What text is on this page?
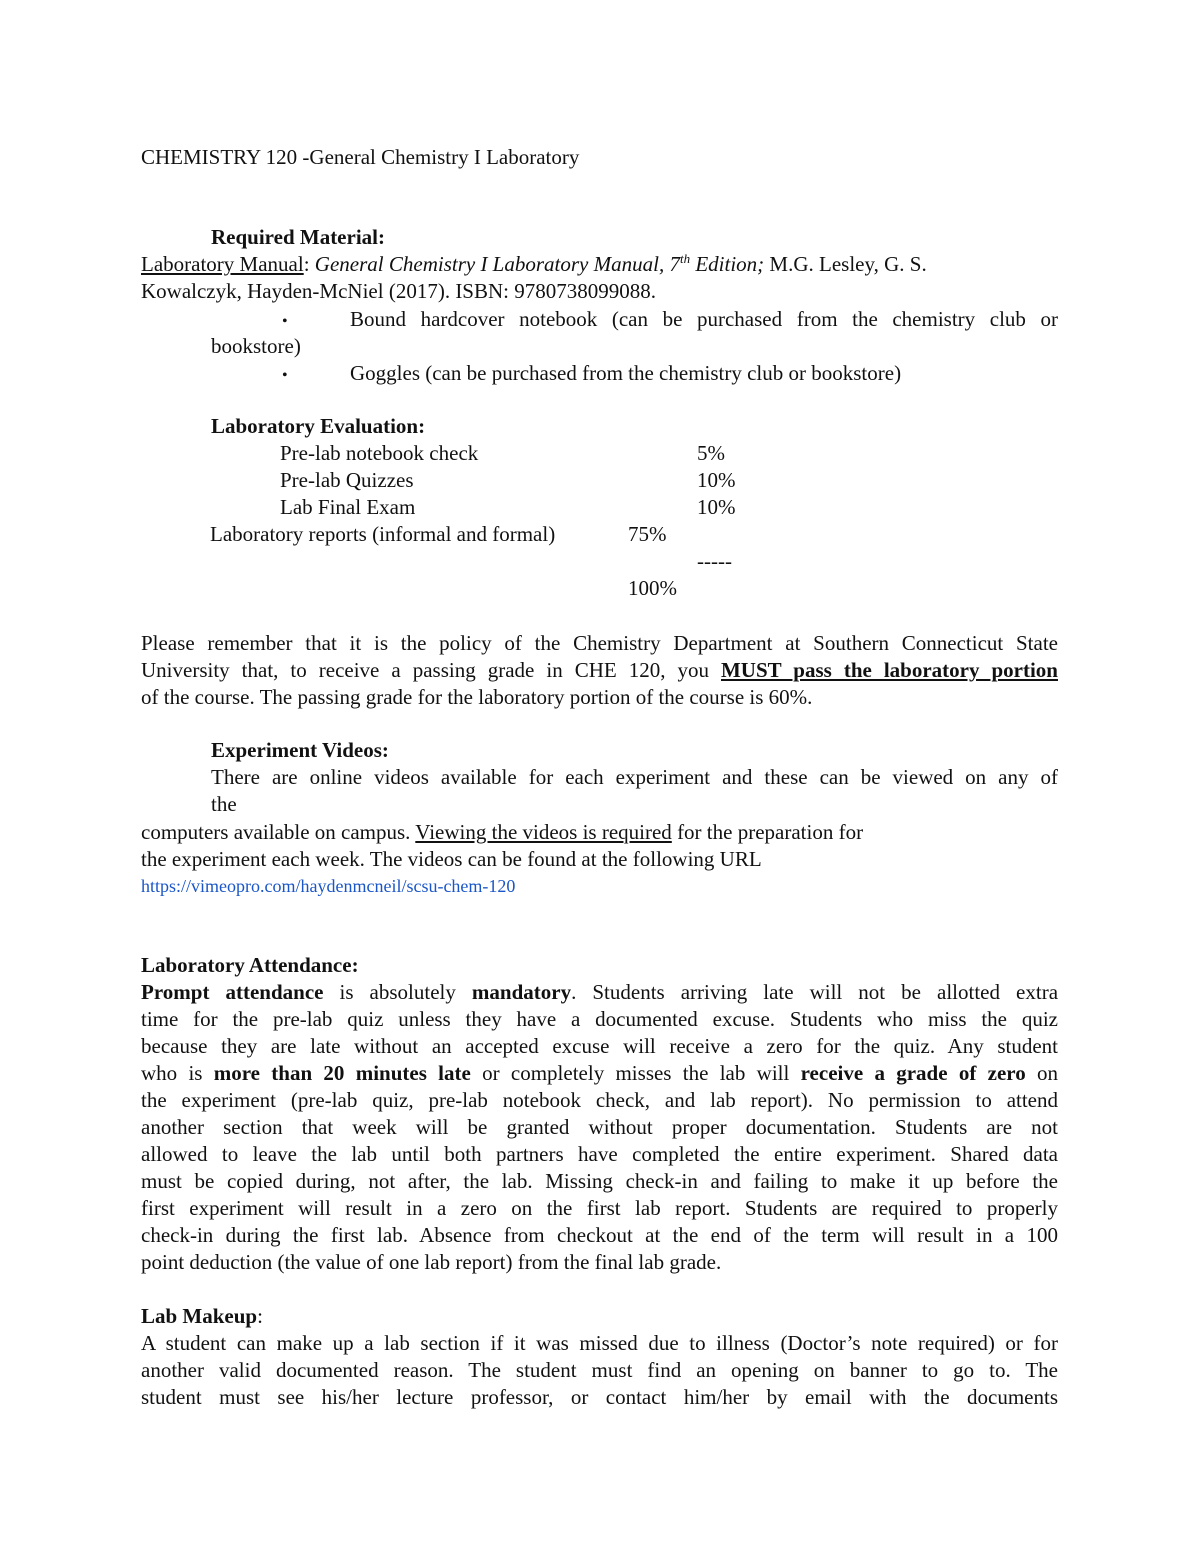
CHEMISTRY 120 -General Chemistry I Laboratory
Required Material:
Laboratory Manual: General Chemistry I Laboratory Manual, 7th Edition; M.G. Lesley, G. S.
Kowalczyk, Hayden-McNiel (2017). ISBN: 9780738099088.
•	Bound hardcover notebook (can be purchased from the chemistry club or
bookstore)
•	Goggles (can be purchased from the chemistry club or bookstore)
Laboratory Evaluation:
Pre-lab notebook check	5%
Pre-lab Quizzes	10%
Lab Final Exam	10%
Laboratory reports (informal and formal)	75%
-----
100%
Please remember that it is the policy of the Chemistry Department at Southern Connecticut State
University that, to receive a passing grade in CHE 120, you MUST pass the laboratory portion
of the course. The passing grade for the laboratory portion of the course is 60%.
Experiment Videos:
There are online videos available for each experiment and these can be viewed on any of
the
computers available on campus. Viewing the videos is required for the preparation for
the experiment each week. The videos can be found at the following URL
https://vimeopro.com/haydenmcneil/scsu-chem-120
Laboratory Attendance:
Prompt attendance is absolutely mandatory. Students arriving late will not be allotted extra
time for the pre-lab quiz unless they have a documented excuse. Students who miss the quiz
because they are late without an accepted excuse will receive a zero for the quiz. Any student
who is more than 20 minutes late or completely misses the lab will receive a grade of zero on
the experiment (pre-lab quiz, pre-lab notebook check, and lab report). No permission to attend
another section that week will be granted without proper documentation. Students are not
allowed to leave the lab until both partners have completed the entire experiment. Shared data
must be copied during, not after, the lab. Missing check-in and failing to make it up before the
first experiment will result in a zero on the first lab report. Students are required to properly
check-in during the first lab. Absence from checkout at the end of the term will result in a 100
point deduction (the value of one lab report) from the final lab grade.
Lab Makeup:
A student can make up a lab section if it was missed due to illness (Doctor’s note required) or for
another valid documented reason. The student must find an opening on banner to go to. The
student must see his/her lecture professor, or contact him/her by email with the documents
